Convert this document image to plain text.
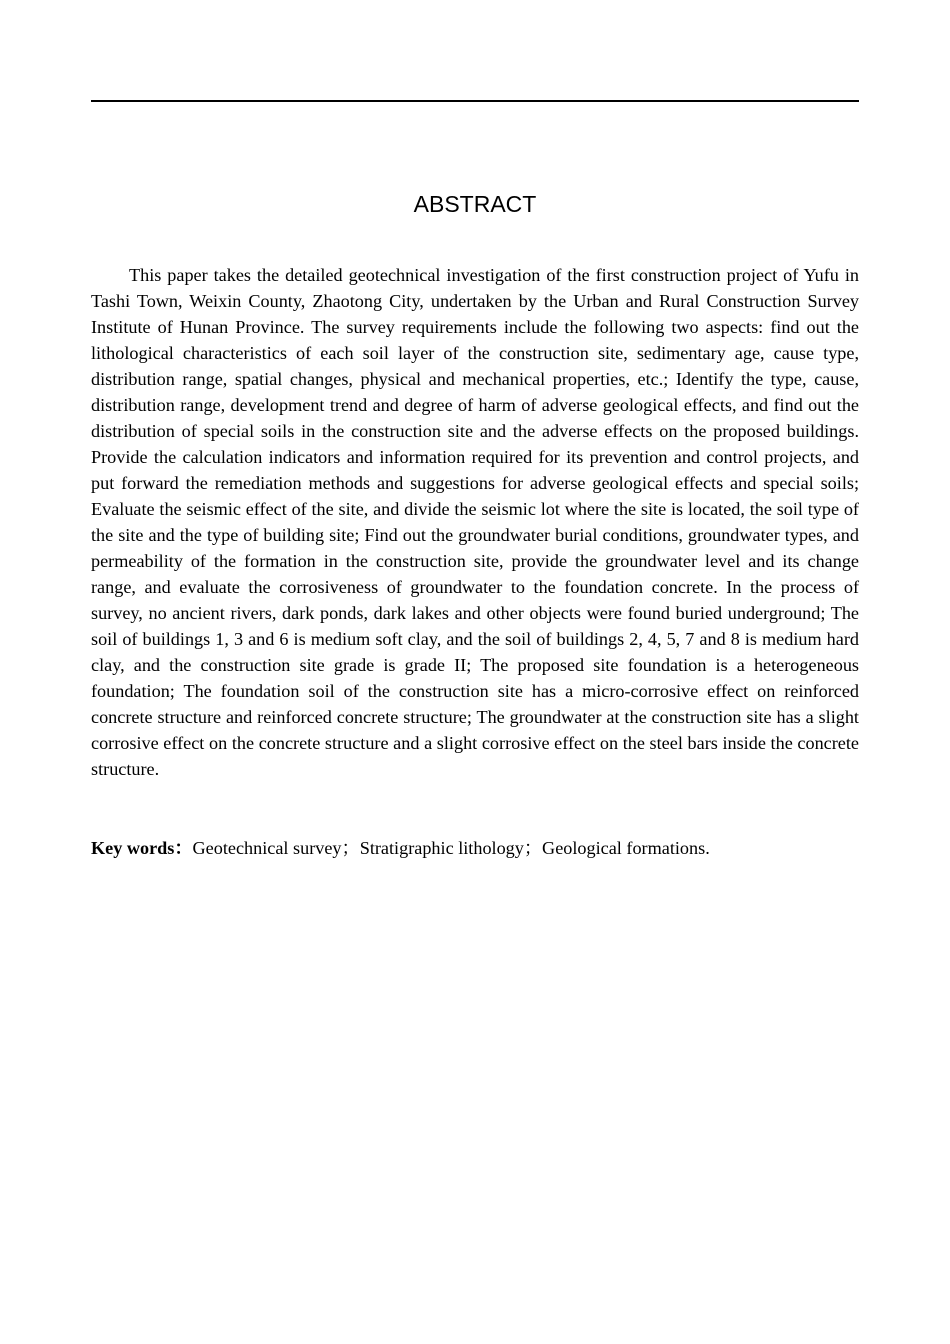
ABSTRACT

This paper takes the detailed geotechnical investigation of the first construction project of Yufu in Tashi Town, Weixin County, Zhaotong City, undertaken by the Urban and Rural Construction Survey Institute of Hunan Province. The survey requirements include the following two aspects: find out the lithological characteristics of each soil layer of the construction site, sedimentary age, cause type, distribution range, spatial changes, physical and mechanical properties, etc.; Identify the type, cause, distribution range, development trend and degree of harm of adverse geological effects, and find out the distribution of special soils in the construction site and the adverse effects on the proposed buildings. Provide the calculation indicators and information required for its prevention and control projects, and put forward the remediation methods and suggestions for adverse geological effects and special soils; Evaluate the seismic effect of the site, and divide the seismic lot where the site is located, the soil type of the site and the type of building site; Find out the groundwater burial conditions, groundwater types, and permeability of the formation in the construction site, provide the groundwater level and its change range, and evaluate the corrosiveness of groundwater to the foundation concrete. In the process of survey, no ancient rivers, dark ponds, dark lakes and other objects were found buried underground; The soil of buildings 1, 3 and 6 is medium soft clay, and the soil of buildings 2, 4, 5, 7 and 8 is medium hard clay, and the construction site grade is grade II; The proposed site foundation is a heterogeneous foundation; The foundation soil of the construction site has a micro-corrosive effect on reinforced concrete structure and reinforced concrete structure; The groundwater at the construction site has a slight corrosive effect on the concrete structure and a slight corrosive effect on the steel bars inside the concrete structure.

Key words：Geotechnical survey；Stratigraphic lithology；Geological formations.
